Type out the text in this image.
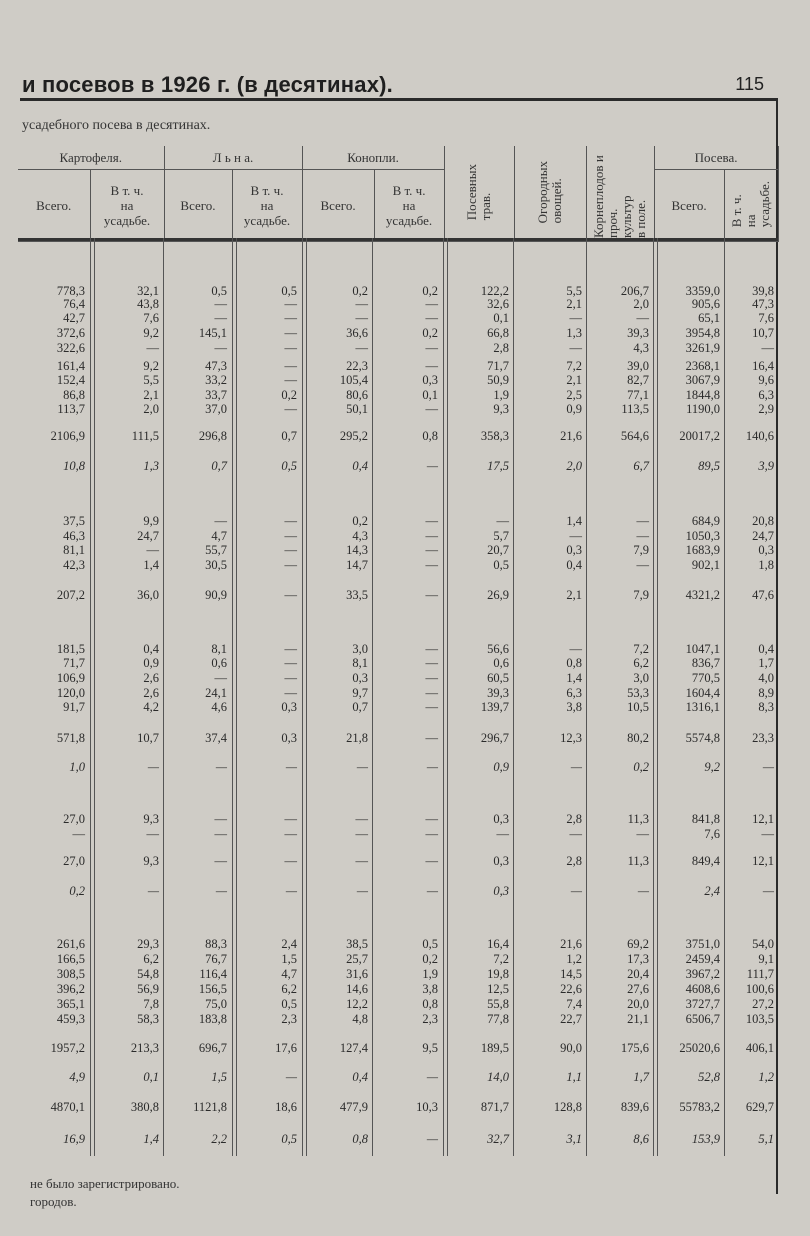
и посевов в 1926 г. (в десятинах).	115
усадебного посева в десятинах.
Картофеля.		Л ь н а.		Конопли.		Посевных
трав.	Огородных
овощей.	Корнеплодов и проч.
культур
в поле.	Посева.	
Всего.	В т. ч.
на
усадьбе.	Всего.	В т. ч.
на
усадьбе.	Всего.	В т. ч.
на
усадьбе.				Всего.	В т. ч.
на
усадьбе.
778,3	32,1	0,5	0,5	0,2	0,2	122,2	5,5	206,7	3359,0	39,8
76,4	43,8	—	—	—	—	32,6	2,1	2,0	905,6	47,3
42,7	7,6	—	—	—	—	0,1	—	—	65,1	7,6
372,6	9,2	145,1	—	36,6	0,2	66,8	1,3	39,3	3954,8	10,7
322,6	—	—	—	—	—	2,8	—	4,3	3261,9	—
161,4	9,2	47,3	—	22,3	—	71,7	7,2	39,0	2368,1	16,4
152,4	5,5	33,2	—	105,4	0,3	50,9	2,1	82,7	3067,9	9,6
86,8	2,1	33,7	0,2	80,6	0,1	1,9	2,5	77,1	1844,8	6,3
113,7	2,0	37,0	—	50,1	—	9,3	0,9	113,5	1190,0	2,9
2106,9	111,5	296,8	0,7	295,2	0,8	358,3	21,6	564,6 20017,2 140,6
10,8	1,3	0,7	0,5	0,4	—	17,5	2,0	6,7	89,5	3,9
37,5	9,9	—	—	0,2	—	—	1,4	—	684,9	20,8
46,3	24,7	4,7	—	4,3	—	5,7	—	—	1050,3	24,7
81,1	—	55,7	—	14,3	—	20,7	0,3	7,9	1683,9	0,3
42,3	1,4	30,5	—	14,7	—	0,5	0,4	—	902,1	1,8
207,2	36,0	90,9	—	33,5	—	26,9	2,1	7,9	4321,2	47,6
181,5	0,4	8,1	—	3,0	—	56,6	—	7,2	1047,1	0,4
71,7	0,9	0,6	—	8,1	—	0,6	0,8	6,2	836,7	1,7
106,9	2,6	—	—	0,3	—	60,5	1,4	3,0	770,5	4,0
120,0	2,6	24,1	—	9,7	—	39,3	6,3	53,3	1604,4	8,9
91,7	4,2	4,6	0,3	0,7	—	139,7	3,8	10,5	1316,1	8,3
571,8	10,7	37,4	0,3	21,8	—	296,7	12,3	80,2	5574,8	23,3
1,0	—	—	—	—	—	0,9	—	0,2	9,2	—
27,0	9,3	—	—	—	—	0,3	2,8	11,3	841,8	12,1
—	—	—	—	—	—	—	—	—	7,6	—
27,0	9,3	—	—	—	—	0,3	2,8	11,3	849,4	12,1
0,2	—	—	—	—	—	0,3	—	—	2,4	—
261,6	29,3	88,3	2,4	38,5	0,5	16,4	21,6	69,2	3751,0	54,0
166,5	6,2	76,7	1,5	25,7	0,2	7,2	1,2	17,3	2459,4	9,1
308,5	54,8	116,4	4,7	31,6	1,9	19,8	14,5	20,4	3967,2 111,7
396,2	56,9	156,5	6,2	14,6	3,8	12,5	22,6	27,6	4608,6 100,6
365,1	7,8	75,0	0,5	12,2	0,8	55,8	7,4	20,0	3727,7	27,2
459,3	58,3	183,8	2,3	4,8	2,3	77,8	22,7	21,1	6506,7 103,5
1957,2	213,3	696,7	17,6	127,4	9,5	189,5	90,0	175,6 25020,6 406,1
4,9	0,1	1,5	—	0,4	—	14,0	1,1	1,7	52,8	1,2
4870,1	380,8	1121,8	18,6	477,9	10,3	871,7	128,8	839,6 55783,2 629,7
16,9	1,4	2,2	0,5	0,8	—	32,7	3,1	8,6	153,9	5,1
не было зарегистрировано.
городов.
